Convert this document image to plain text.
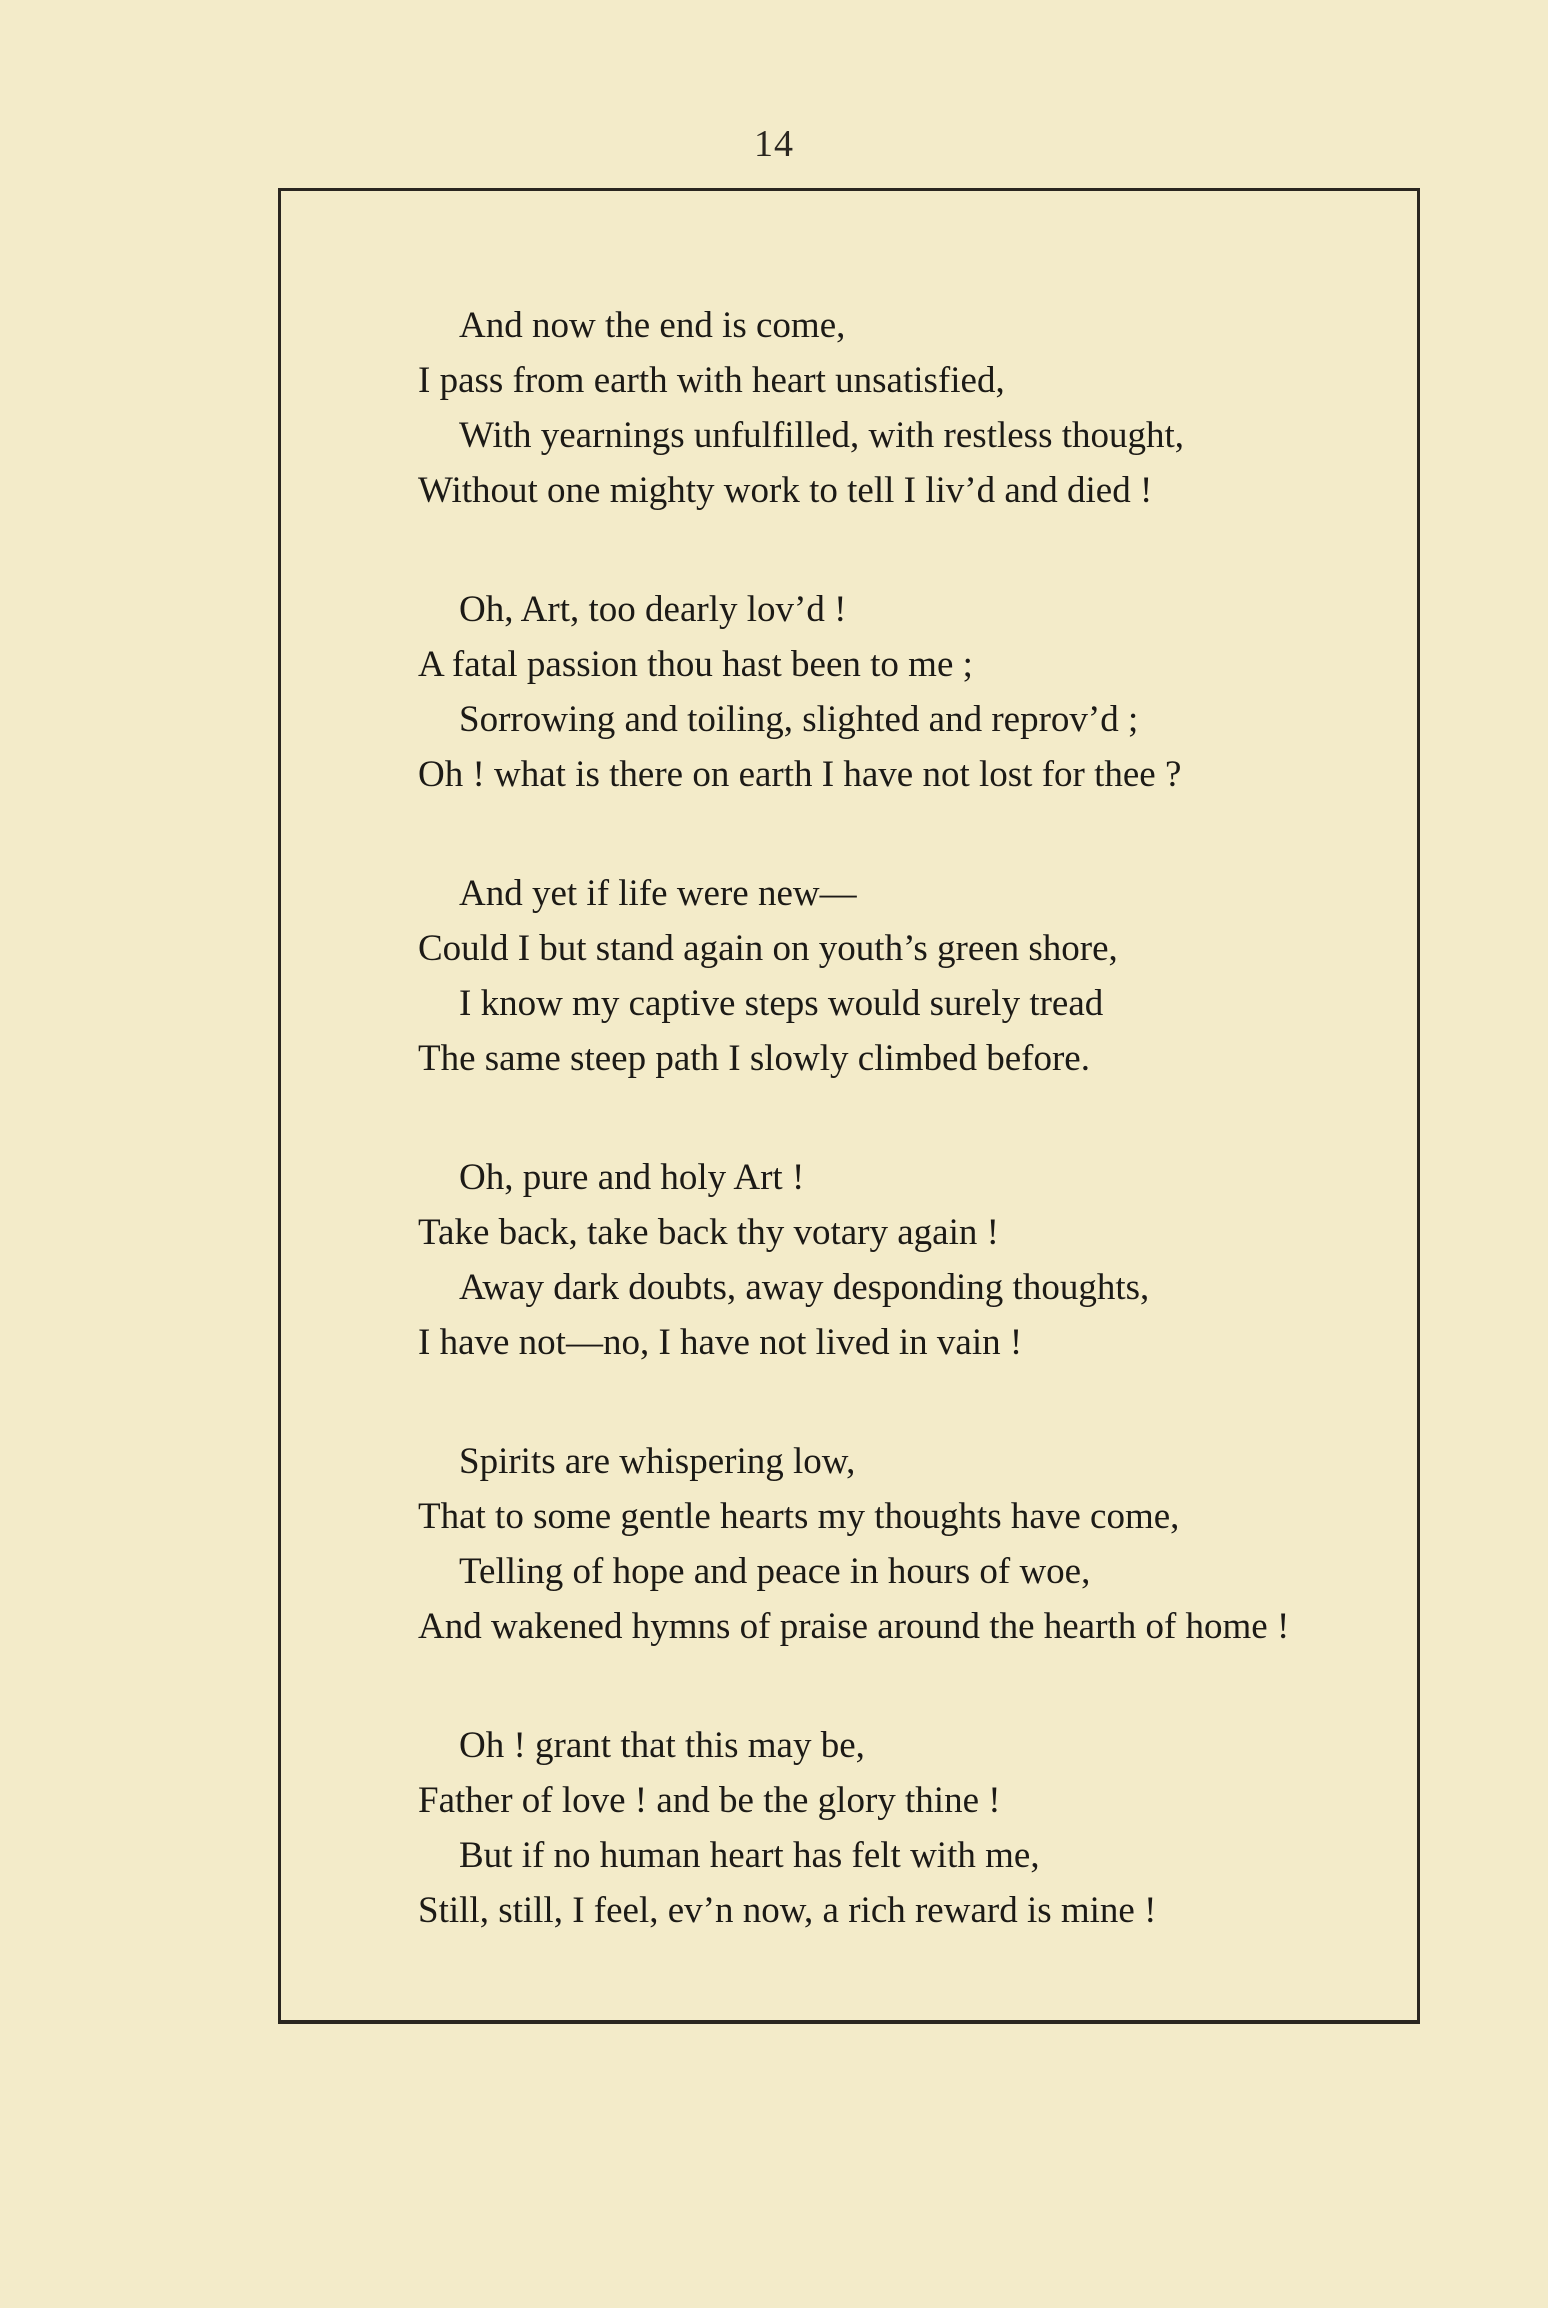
14
And now the end is come,
I pass from earth with heart unsatisfied,
With yearnings unfulfilled, with restless thought,
Without one mighty work to tell I liv’d and died !
Oh, Art, too dearly lov’d !
A fatal passion thou hast been to me ;
Sorrowing and toiling, slighted and reprov’d ;
Oh ! what is there on earth I have not lost for thee ?
And yet if life were new—
Could I but stand again on youth’s green shore,
I know my captive steps would surely tread
The same steep path I slowly climbed before.
Oh, pure and holy Art !
Take back, take back thy votary again !
Away dark doubts, away desponding thoughts,
I have not—no, I have not lived in vain !
Spirits are whispering low,
That to some gentle hearts my thoughts have come,
Telling of hope and peace in hours of woe,
And wakened hymns of praise around the hearth of home !
Oh ! grant that this may be,
Father of love ! and be the glory thine !
But if no human heart has felt with me,
Still, still, I feel, ev’n now, a rich reward is mine !
